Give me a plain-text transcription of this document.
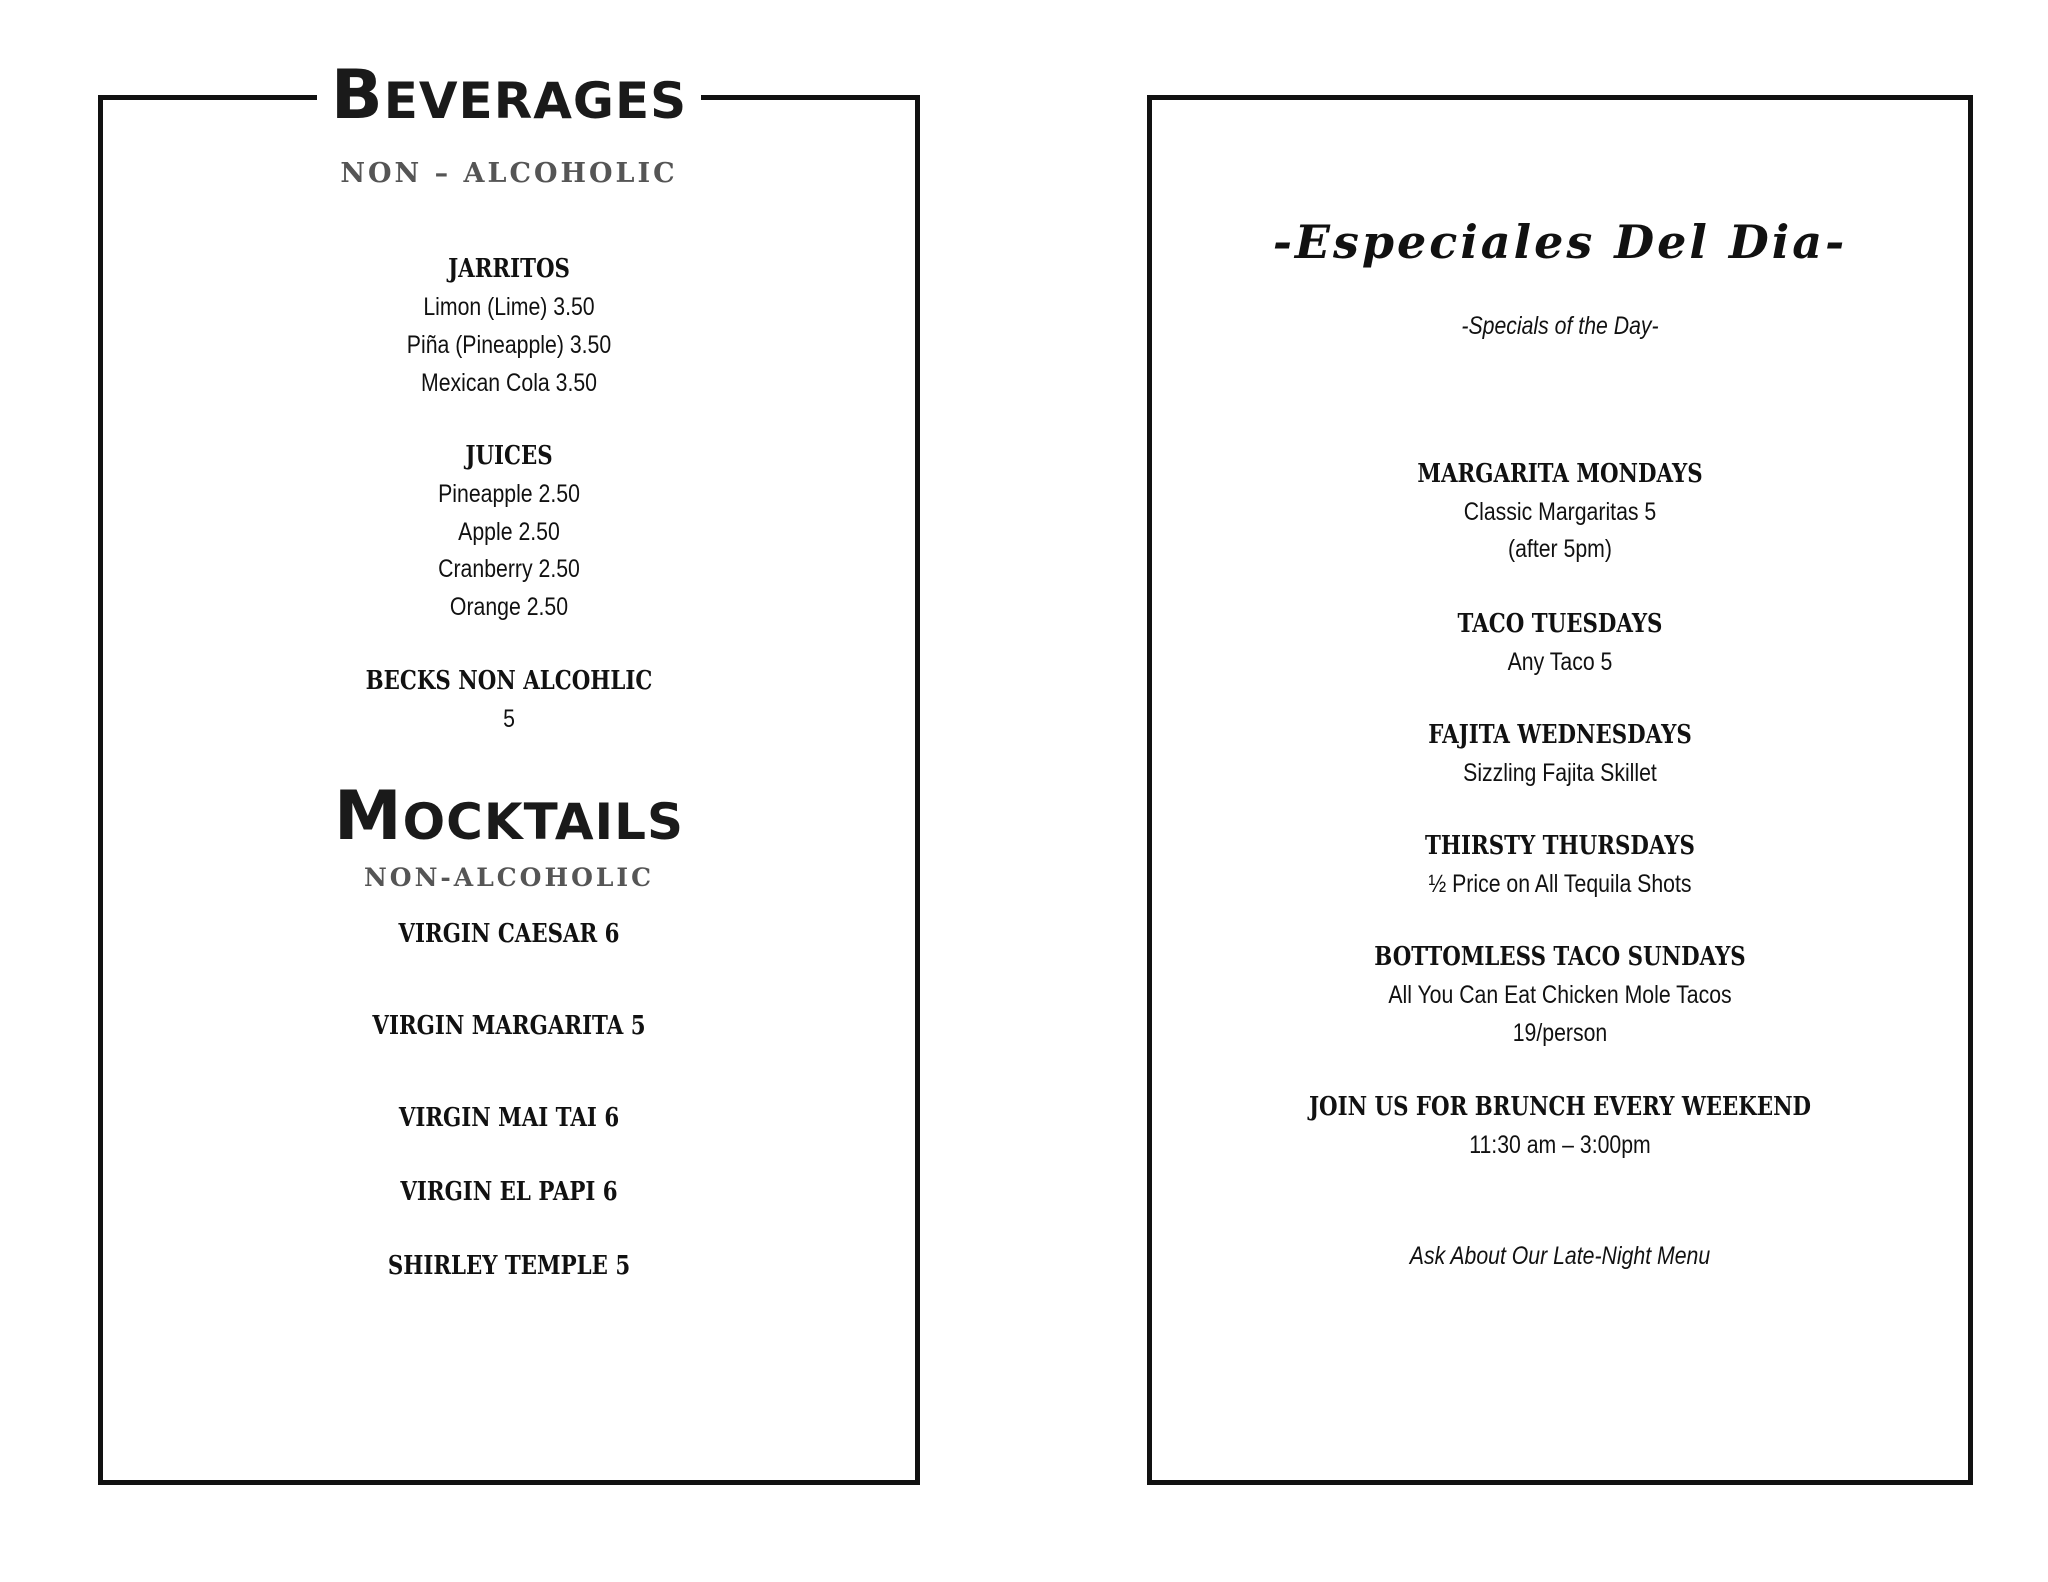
BEVERAGES
NON – ALCOHOLIC
JARRITOS
Limon (Lime) 3.50
Piña (Pineapple) 3.50
Mexican Cola 3.50
JUICES
Pineapple 2.50
Apple 2.50
Cranberry 2.50
Orange 2.50
BECKS NON ALCOHLIC
5
MOCKTAILS
NON-ALCOHOLIC
VIRGIN CAESAR 6
VIRGIN MARGARITA 5
VIRGIN MAI TAI 6
VIRGIN EL PAPI 6
SHIRLEY TEMPLE 5
-Especiales Del Dia-
-Specials of the Day-
MARGARITA MONDAYS
Classic Margaritas 5
(after 5pm)
TACO TUESDAYS
Any Taco 5
FAJITA WEDNESDAYS
Sizzling Fajita Skillet
THIRSTY THURSDAYS
½ Price on All Tequila Shots
BOTTOMLESS TACO SUNDAYS
All You Can Eat Chicken Mole Tacos
19/person
JOIN US FOR BRUNCH EVERY WEEKEND
11:30 am – 3:00pm
Ask About Our Late-Night Menu
